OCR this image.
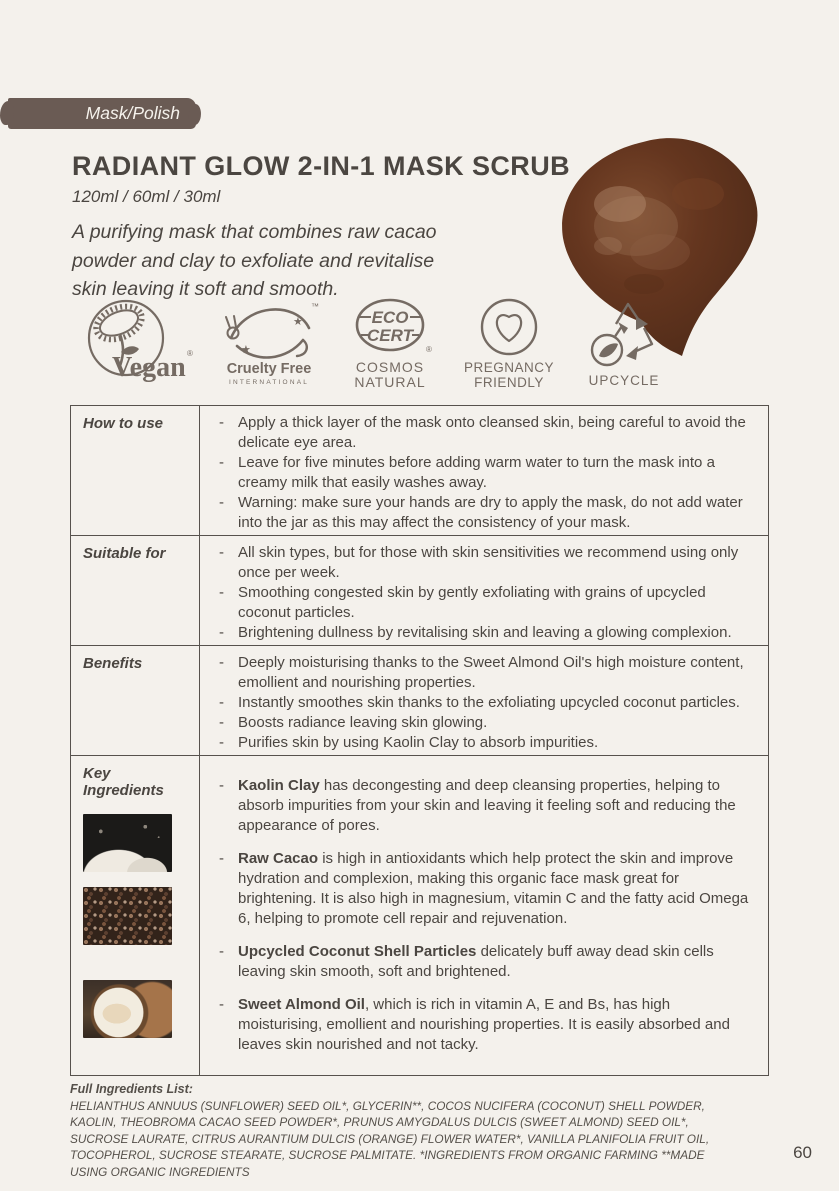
Mask/Polish
RADIANT GLOW 2-IN-1 MASK SCRUB
120ml / 60ml / 30ml

A purifying mask that combines raw cacao powder and clay to exfoliate and revitalise skin leaving it soft and smooth.

Vegan ®	★
★
™
Cruelty Free
INTERNATIONAL
ECO
CERT
®
COSMOS
NATURAL
PREGNANCY
FRIENDLY	UPCYCLE
How to use	- Apply a thick layer of the mask onto cleansed skin, being careful to avoid the delicate eye area.
- Leave for five minutes before adding warm water to turn the mask into a creamy milk that easily washes away.
- Warning: make sure your hands are dry to apply the mask, do not add water into the jar as this may affect the consistency of your mask.
Suitable for	- All skin types, but for those with skin sensitivities we recommend using only once per week.
- Smoothing congested skin by gently exfoliating with grains of upcycled coconut particles.
- Brightening dullness by revitalising skin and leaving a glowing complexion.
Benefits	- Deeply moisturising thanks to the Sweet Almond Oil's high moisture content, emollient and nourishing properties.
- Instantly smoothes skin thanks to the exfoliating upcycled coconut particles.
- Boosts radiance leaving skin glowing.
- Purifies skin by using Kaolin Clay to absorb impurities.
Key Ingredients	- Kaolin Clay has decongesting and deep cleansing properties, helping to absorb impurities from your skin and leaving it feeling soft and reducing the appearance of pores.
- Raw Cacao is high in antioxidants which help protect the skin and improve hydration and complexion, making this organic face mask great for brightening. It is also high in magnesium, vitamin C and the fatty acid Omega 6, helping to promote cell repair and rejuvenation.
- Upcycled Coconut Shell Particles delicately buff away dead skin cells leaving skin smooth, soft and brightened.
- Sweet Almond Oil, which is rich in vitamin A, E and Bs, has high moisturising, emollient and nourishing properties. It is easily absorbed and leaves skin nourished and not tacky.
Full Ingredients List:
HELIANTHUS ANNUUS (SUNFLOWER) SEED OIL*, GLYCERIN**, COCOS NUCIFERA (COCONUT) SHELL POWDER, KAOLIN, THEOBROMA CACAO SEED POWDER*, PRUNUS AMYGDALUS DULCIS (SWEET ALMOND) SEED OIL*, SUCROSE LAURATE, CITRUS AURANTIUM DULCIS (ORANGE) FLOWER WATER*, VANILLA PLANIFOLIA FRUIT OIL, TOCOPHEROL, SUCROSE STEARATE, SUCROSE PALMITATE. *INGREDIENTS FROM ORGANIC FARMING **MADE USING ORGANIC INGREDIENTS
60
